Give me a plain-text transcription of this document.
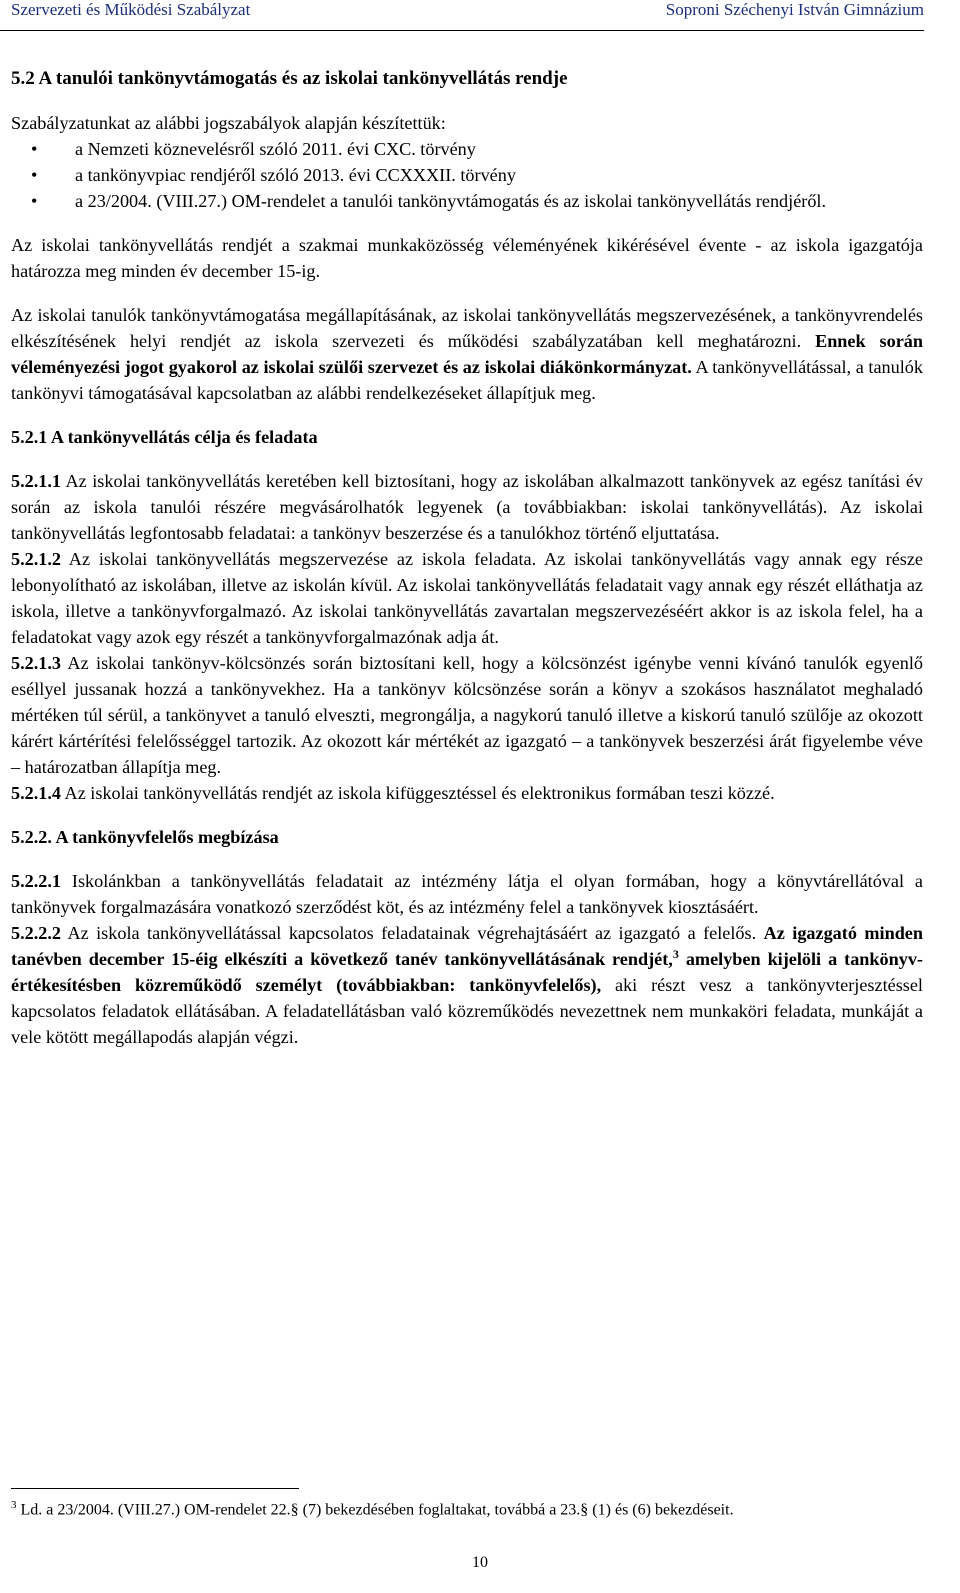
Szervezeti és Működési Szabályzat	Soproni Széchenyi István Gimnázium
5.2 A tanulói tankönyvtámogatás és az iskolai tankönyvellátás rendje

Szabályzatunkat az alábbi jogszabályok alapján készítettük:

• a Nemzeti köznevelésről szóló 2011. évi CXC. törvény
• a tankönyvpiac rendjéről szóló 2013. évi CCXXXII. törvény
• a 23/2004. (VIII.27.) OM-rendelet a tanulói tankönyvtámogatás és az iskolai tankönyvellátás rendjéről.

Az iskolai tankönyvellátás rendjét a szakmai munkaközösség véleményének kikérésével évente - az iskola igazgatója határozza meg minden év december 15-ig.

Az iskolai tanulók tankönyvtámogatása megállapításának, az iskolai tankönyvellátás megszervezésének, a tankönyvrendelés elkészítésének helyi rendjét az iskola szervezeti és működési szabályzatában kell meghatározni. Ennek során véleményezési jogot gyakorol az iskolai szülői szervezet és az iskolai diákönkormányzat. A tankönyvellátással, a tanulók tankönyvi támogatásával kapcsolatban az alábbi rendelkezéseket állapítjuk meg.

5.2.1 A tankönyvellátás célja és feladata

5.2.1.1 Az iskolai tankönyvellátás keretében kell biztosítani, hogy az iskolában alkalmazott tankönyvek az egész tanítási év során az iskola tanulói részére megvásárolhatók legyenek (a továbbiakban: iskolai tankönyvellátás). Az iskolai tankönyvellátás legfontosabb feladatai: a tankönyv beszerzése és a tanulókhoz történő eljuttatása.

5.2.1.2 Az iskolai tankönyvellátás megszervezése az iskola feladata. Az iskolai tankönyvellátás vagy annak egy része lebonyolítható az iskolában, illetve az iskolán kívül. Az iskolai tankönyvellátás feladatait vagy annak egy részét elláthatja az iskola, illetve a tankönyvforgalmazó. Az iskolai tankönyvellátás zavartalan megszervezéséért akkor is az iskola felel, ha a feladatokat vagy azok egy részét a tankönyvforgalmazónak adja át.

5.2.1.3 Az iskolai tankönyv-kölcsönzés során biztosítani kell, hogy a kölcsönzést igénybe venni kívánó tanulók egyenlő eséllyel jussanak hozzá a tankönyvekhez. Ha a tankönyv kölcsönzése során a könyv a szokásos használatot meghaladó mértéken túl sérül, a tankönyvet a tanuló elveszti, megrongálja, a nagykorú tanuló illetve a kiskorú tanuló szülője az okozott kárért kártérítési felelősséggel tartozik. Az okozott kár mértékét az igazgató – a tankönyvek beszerzési árát figyelembe véve – határozatban állapítja meg.

5.2.1.4 Az iskolai tankönyvellátás rendjét az iskola kifüggesztéssel és elektronikus formában teszi közzé.

5.2.2. A tankönyvfelelős megbízása

5.2.2.1 Iskolánkban a tankönyvellátás feladatait az intézmény látja el olyan formában, hogy a könyvtárellátóval a tankönyvek forgalmazására vonatkozó szerződést köt, és az intézmény felel a tankönyvek kiosztásáért.

5.2.2.2 Az iskola tankönyvellátással kapcsolatos feladatainak végrehajtásáért az igazgató a felelős. Az igazgató minden tanévben december 15-éig elkészíti a következő tanév tankönyvellátásának rendjét,$^3$ amelyben kijelöli a tankönyv-értékesítésben közreműködő személyt (továbbiakban: tankönyvfelelős), aki részt vesz a tankönyvterjesztéssel kapcsolatos feladatok ellátásában. A feladatellátásban való közreműködés nevezettnek nem munkaköri feladata, munkáját a vele kötött megállapodás alapján végzi.

$^3$ Ld. a 23/2004. (VIII.27.) OM-rendelet 22.§ (7) bekezdésében foglaltakat, továbbá a 23.§ (1) és (6) bekezdéseit.
10
